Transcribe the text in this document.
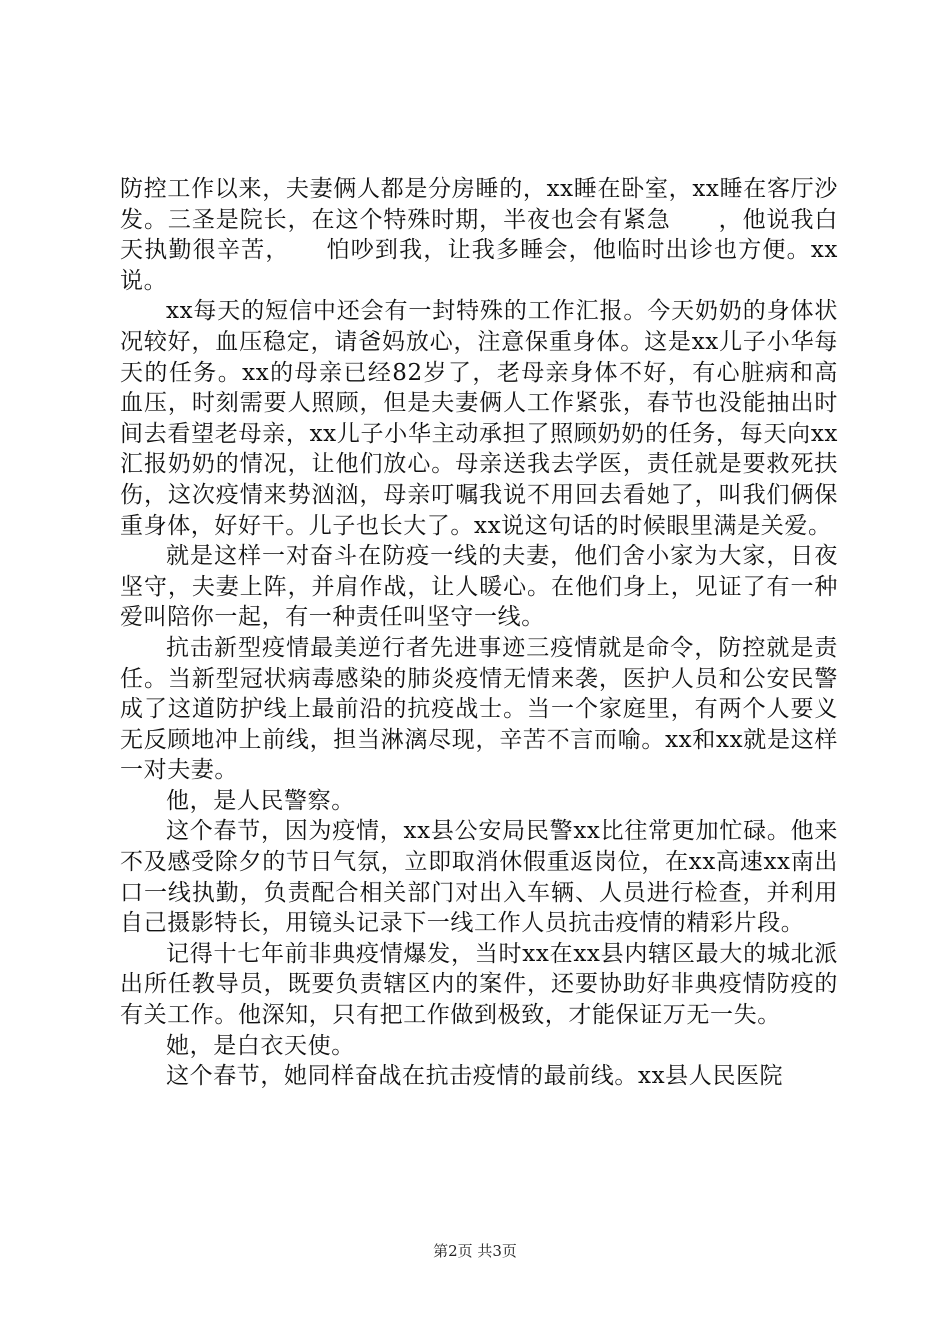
防控工作以来，夫妻俩人都是分房睡的，xx睡在卧室，xx睡在客厅沙发。三圣是院长，在这个特殊时期，半夜也会有紧急　　，他说我白天执勤很辛苦，　　怕吵到我，让我多睡会，他临时出诊也方便。xx说。

xx每天的短信中还会有一封特殊的工作汇报。今天奶奶的身体状况较好，血压稳定，请爸妈放心，注意保重身体。这是xx儿子小华每天的任务。xx的母亲已经82岁了，老母亲身体不好，有心脏病和高血压，时刻需要人照顾，但是夫妻俩人工作紧张，春节也没能抽出时间去看望老母亲，xx儿子小华主动承担了照顾奶奶的任务，每天向xx汇报奶奶的情况，让他们放心。母亲送我去学医，责任就是要救死扶伤，这次疫情来势汹汹，母亲叮嘱我说不用回去看她了，叫我们俩保重身体，好好干。儿子也长大了。xx说这句话的时候眼里满是关爱。

就是这样一对奋斗在防疫一线的夫妻，他们舍小家为大家，日夜坚守，夫妻上阵，并肩作战，让人暖心。在他们身上，见证了有一种爱叫陪你一起，有一种责任叫坚守一线。

抗击新型疫情最美逆行者先进事迹三疫情就是命令，防控就是责任。当新型冠状病毒感染的肺炎疫情无情来袭，医护人员和公安民警成了这道防护线上最前沿的抗疫战士。当一个家庭里，有两个人要义无反顾地冲上前线，担当淋漓尽现，辛苦不言而喻。xx和xx就是这样一对夫妻。

他，是人民警察。

这个春节，因为疫情，xx县公安局民警xx比往常更加忙碌。他来不及感受除夕的节日气氛，立即取消休假重返岗位，在xx高速xx南出口一线执勤，负责配合相关部门对出入车辆、人员进行检查，并利用自己摄影特长，用镜头记录下一线工作人员抗击疫情的精彩片段。

记得十七年前非典疫情爆发，当时xx在xx县内辖区最大的城北派出所任教导员，既要负责辖区内的案件，还要协助好非典疫情防疫的有关工作。他深知，只有把工作做到极致，才能保证万无一失。

她，是白衣天使。

这个春节，她同样奋战在抗击疫情的最前线。xx县人民医院

第2页 共3页
